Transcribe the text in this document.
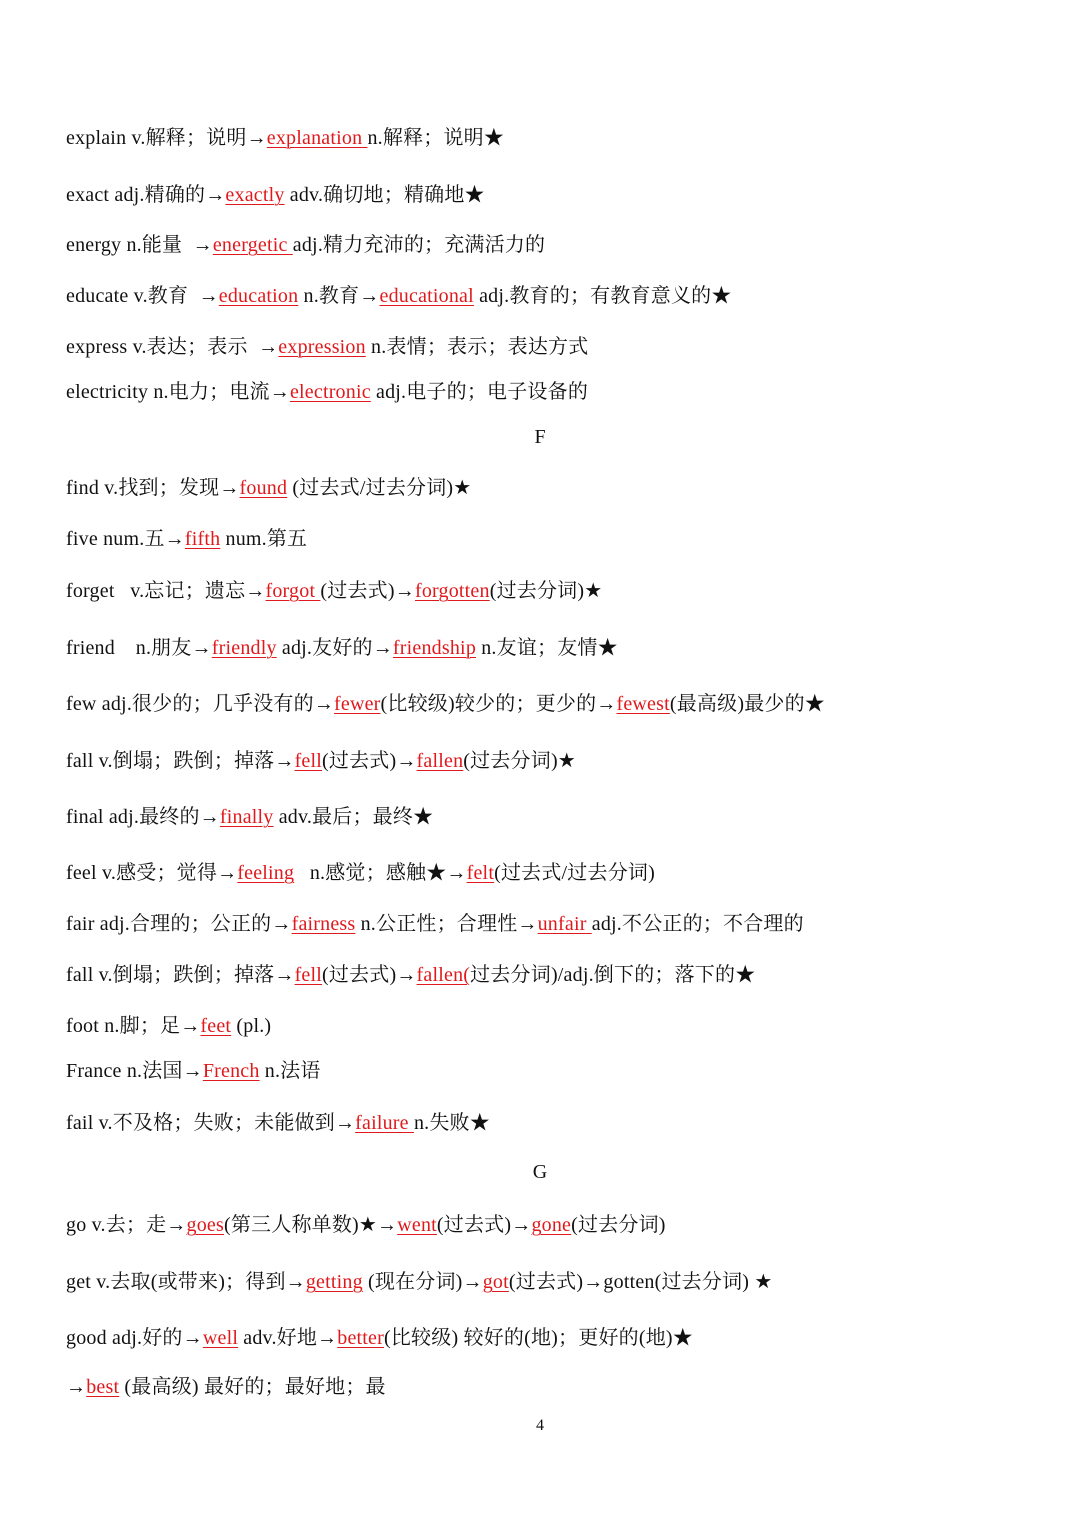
explain v.解释；说明→explanation n.解释；说明★
exact adj.精确的→exactly adv.确切地；精确地★
energy n.能量  →energetic adj.精力充沛的；充满活力的
educate v.教育  →education n.教育→educational adj.教育的；有教育意义的★
express v.表达；表示  →expression n.表情；表示；表达方式
electricity n.电力；电流→electronic adj.电子的；电子设备的
F
find v.找到；发现→found (过去式/过去分词)★
five num.五→fifth num.第五
forget   v.忘记；遗忘→forgot (过去式)→forgotten(过去分词)★
friend    n.朋友→friendly adj.友好的→friendship n.友谊；友情★
few adj.很少的；几乎没有的→fewer(比较级)较少的；更少的→fewest(最高级)最少的★
fall v.倒塌；跌倒；掉落→fell(过去式)→fallen(过去分词)★
final adj.最终的→finally adv.最后；最终★
feel v.感受；觉得→feeling   n.感觉；感触★→felt(过去式/过去分词)
fair adj.合理的；公正的→fairness n.公正性；合理性→unfair adj.不公正的；不合理的
fall v.倒塌；跌倒；掉落→fell(过去式)→fallen(过去分词)/adj.倒下的；落下的★
foot n.脚；足→feet (pl.)
France n.法国→French n.法语
fail v.不及格；失败；未能做到→failure n.失败★
G
go v.去；走→goes(第三人称单数)★→went(过去式)→gone(过去分词)
get v.去取(或带来)；得到→getting (现在分词)→got(过去式)→gotten(过去分词) ★
good adj.好的→well adv.好地→better(比较级) 较好的(地)；更好的(地)★
→best (最高级) 最好的；最好地；最
4
